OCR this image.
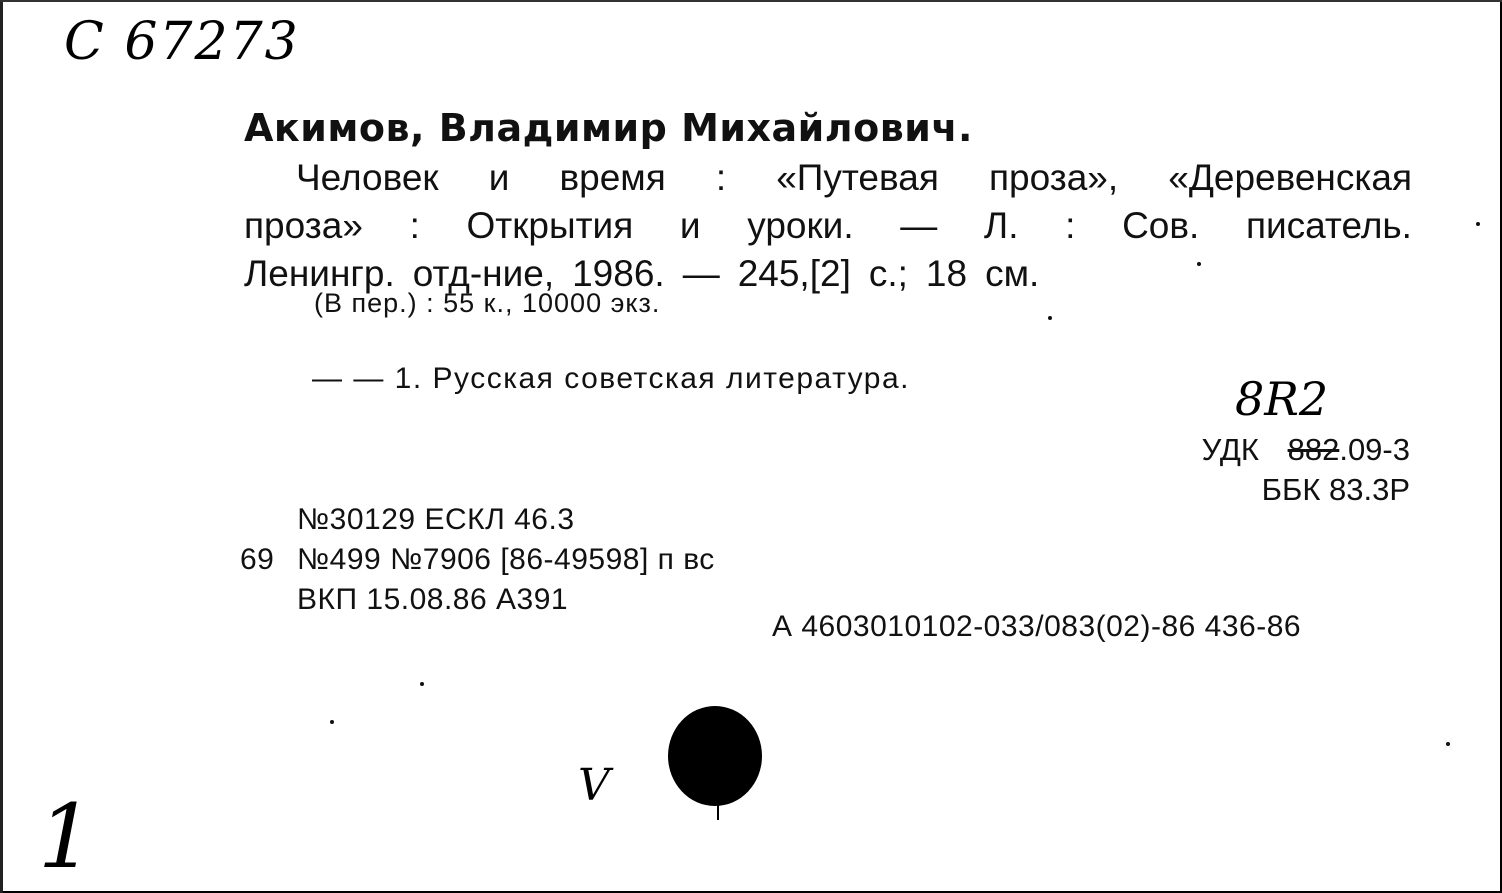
С 67273
Акимов, Владимир Михайлович.
Человек и время : «Путевая проза», «Деревенская
проза» : Открытия и уроки. — Л. : Сов. писатель.
Ленингр. отд-ние, 1986. — 245,[2] с.; 18 см.
(В пер.) : 55 к., 10000 экз.
— — 1. Русская советская литература.	8R2
УДК 882.09-3
ББК 83.3Р
№30129 ЕСКЛ 46.3
69 №499 №7906 [86-49598] п вс
ВКП 15.08.86 А391
А 4603010102-033/083(02)-86 436-86
V
1
